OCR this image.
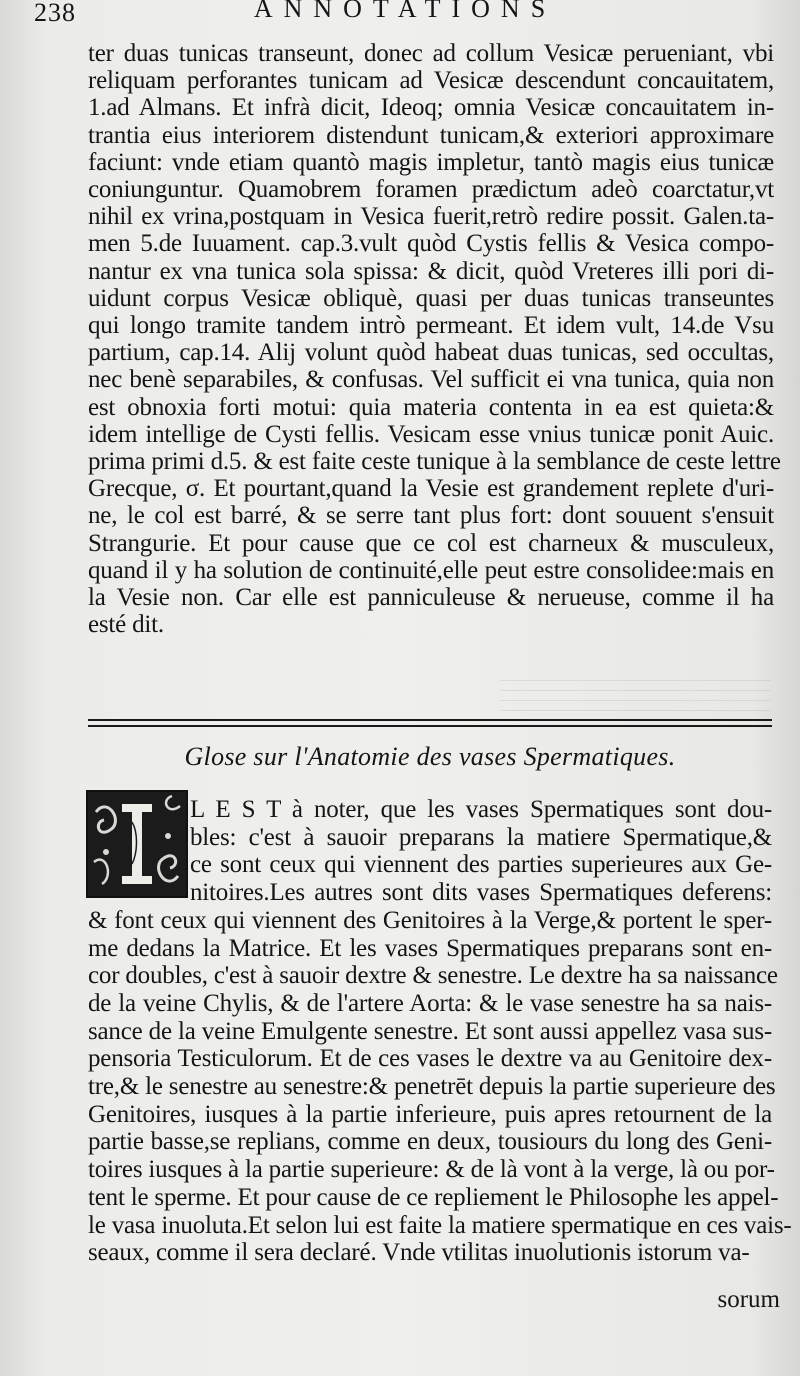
238	ANNOTATIONS
ter duas tunicas transeunt, donec ad collum Vesicæ perueniant, vbi
reliquam perforantes tunicam ad Vesicæ descendunt concauitatem,
1.ad Almans. Et infrà dicit, Ideoq; omnia Vesicæ concauitatem in-
trantia eius interiorem distendunt tunicam,& exteriori approximare
faciunt: vnde etiam quantò magis impletur, tantò magis eius tunicæ
coniunguntur. Quamobrem foramen prædictum adeò coarctatur,vt
nihil ex vrina,postquam in Vesica fuerit,retrò redire possit. Galen.ta-
men 5.de Iuuament. cap.3.vult quòd Cystis fellis & Vesica compo-
nantur ex vna tunica sola spissa: & dicit, quòd Vreteres illi pori di-
uidunt corpus Vesicæ obliquè, quasi per duas tunicas transeuntes
qui longo tramite tandem intrò permeant. Et idem vult, 14.de Vsu
partium, cap.14. Alij volunt quòd habeat duas tunicas, sed occultas,
nec benè separabiles, & confusas. Vel sufficit ei vna tunica, quia non
est obnoxia forti motui: quia materia contenta in ea est quieta:&
idem intellige de Cysti fellis. Vesicam esse vnius tunicæ ponit Auic.
prima primi d.5. & est faite ceste tunique à la semblance de ceste lettre
Grecque, σ. Et pourtant,quand la Vesie est grandement replete d'uri-
ne, le col est barré, & se serre tant plus fort: dont souuent s'ensuit
Strangurie. Et pour cause que ce col est charneux & musculeux,
quand il y ha solution de continuité,elle peut estre consolidee:mais en
la Vesie non. Car elle est panniculeuse & nerueuse, comme il ha
esté dit.
Glose sur l'Anatomie des vases Spermatiques.
L E S T à noter, que les vases Spermatiques sont dou-
bles: c'est à sauoir preparans la matiere Spermatique,&
ce sont ceux qui viennent des parties superieures aux Ge-
nitoires.Les autres sont dits vases Spermatiques deferens:
& font ceux qui viennent des Genitoires à la Verge,& portent le sper-
me dedans la Matrice. Et les vases Spermatiques preparans sont en-
cor doubles, c'est à sauoir dextre & senestre. Le dextre ha sa naissance
de la veine Chylis, & de l'artere Aorta: & le vase senestre ha sa nais-
sance de la veine Emulgente senestre. Et sont aussi appellez vasa sus-
pensoria Testiculorum. Et de ces vases le dextre va au Genitoire dex-
tre,& le senestre au senestre:& penetrēt depuis la partie superieure des
Genitoires, iusques à la partie inferieure, puis apres retournent de la
partie basse,se replians, comme en deux, tousiours du long des Geni-
toires iusques à la partie superieure: & de là vont à la verge, là ou por-
tent le sperme. Et pour cause de ce repliement le Philosophe les appel-
le vasa inuoluta.Et selon lui est faite la matiere spermatique en ces vais-
seaux, comme il sera declaré. Vnde vtilitas inuolutionis istorum va-
sorum
